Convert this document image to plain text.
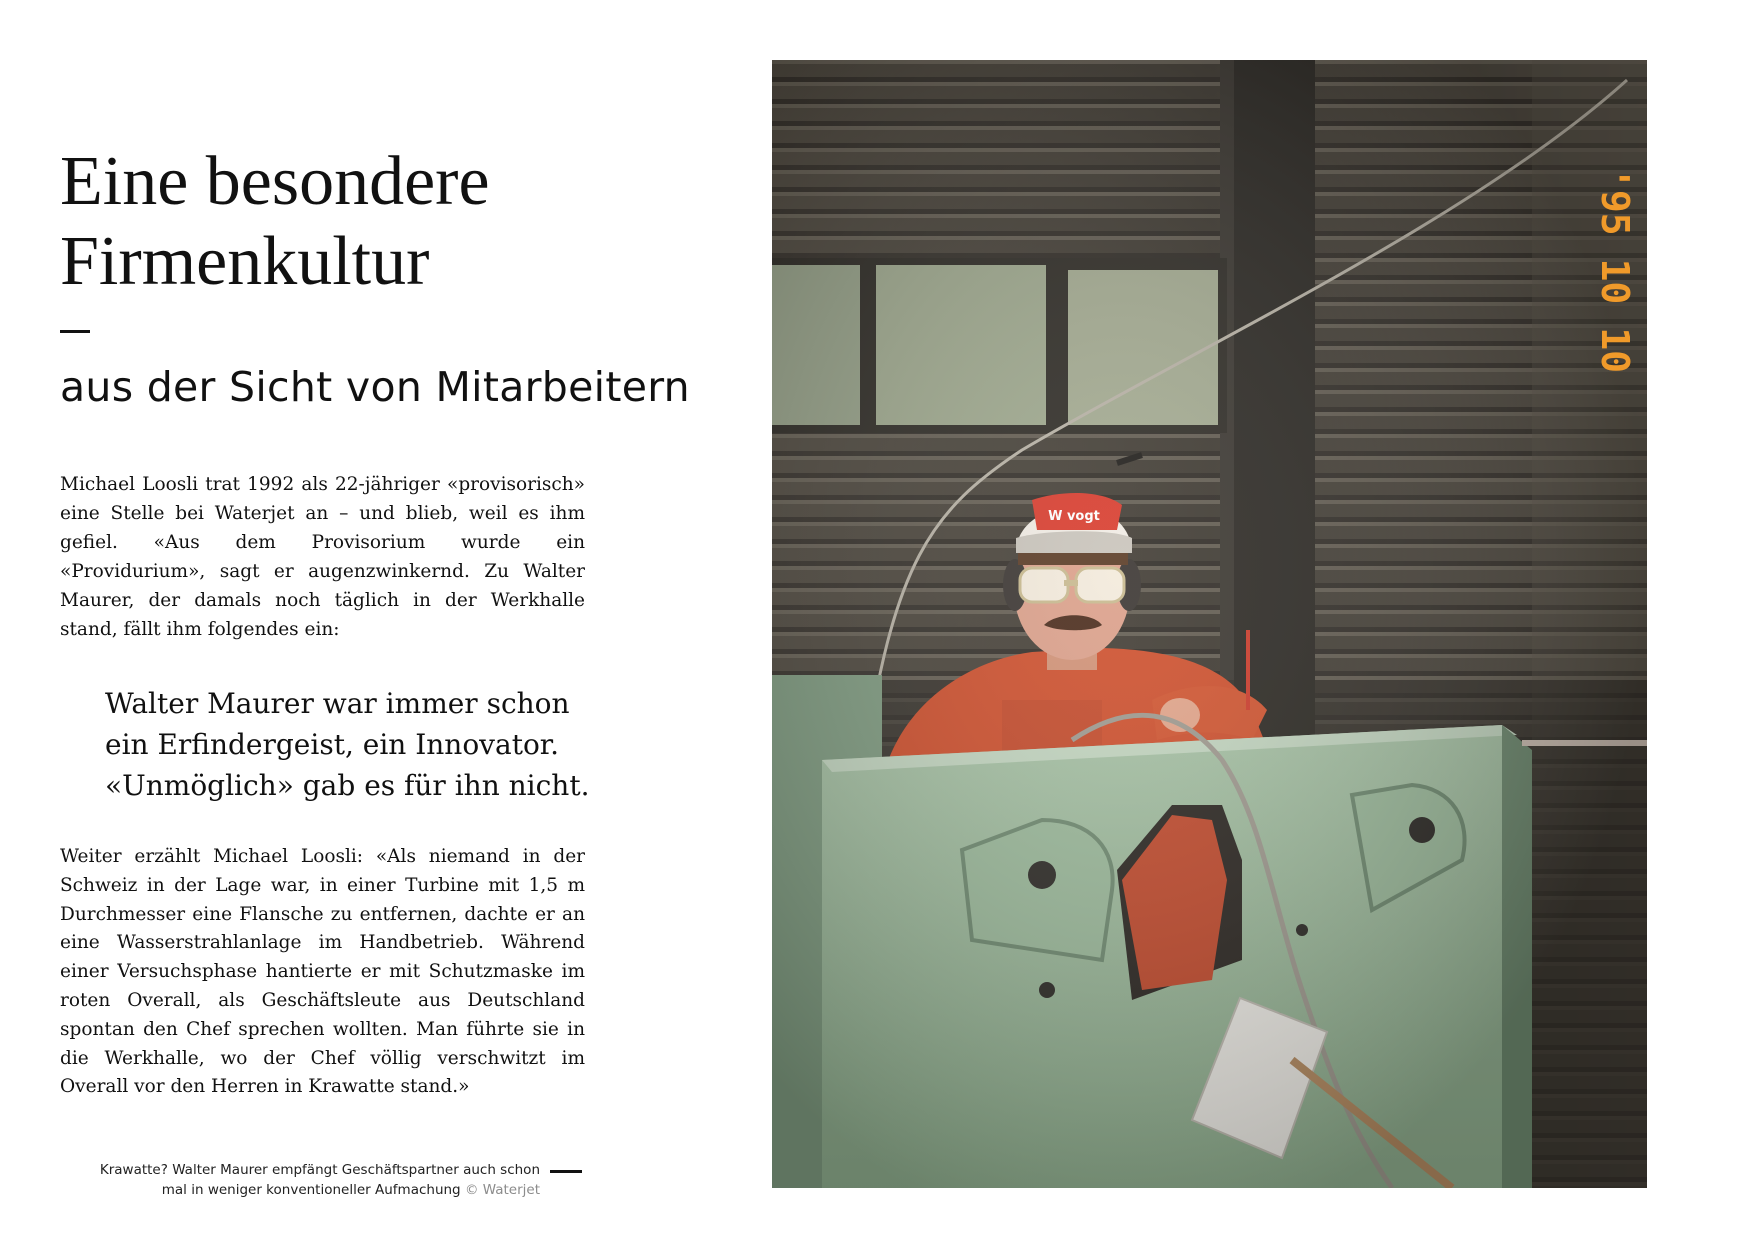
Eine besondere
Firmenkultur
aus der Sicht von Mitarbeitern

Michael Loosli trat 1992 als 22-jähriger «provisorisch» eine Stelle bei Waterjet an – und blieb, weil es ihm gefiel. «Aus dem Provisorium wurde ein «Providurium», sagt er augenzwinkernd. Zu Walter Maurer, der damals noch täglich in der Werkhalle stand, fällt ihm folgendes ein:

Walter Maurer war immer schon
ein Erfindergeist, ein Innovator.
«Unmöglich» gab es für ihn nicht.

Weiter erzählt Michael Loosli: «Als niemand in der Schweiz in der Lage war, in einer Turbine mit 1,5 m Durchmesser eine Flansche zu entfernen, dachte er an eine Wasserstrahlanlage im Handbetrieb. Während einer Versuchsphase hantierte er mit Schutzmaske im roten Overall, als Geschäftsleute aus Deutschland spontan den Chef sprechen wollten. Man führte sie in die Werkhalle, wo der Chef völlig verschwitzt im Overall vor den Herren in Krawatte stand.»

Krawatte? Walter Maurer empfängt Geschäftspartner auch schon
mal in weniger konventioneller Aufmachung © Waterjet
'95 10 10
